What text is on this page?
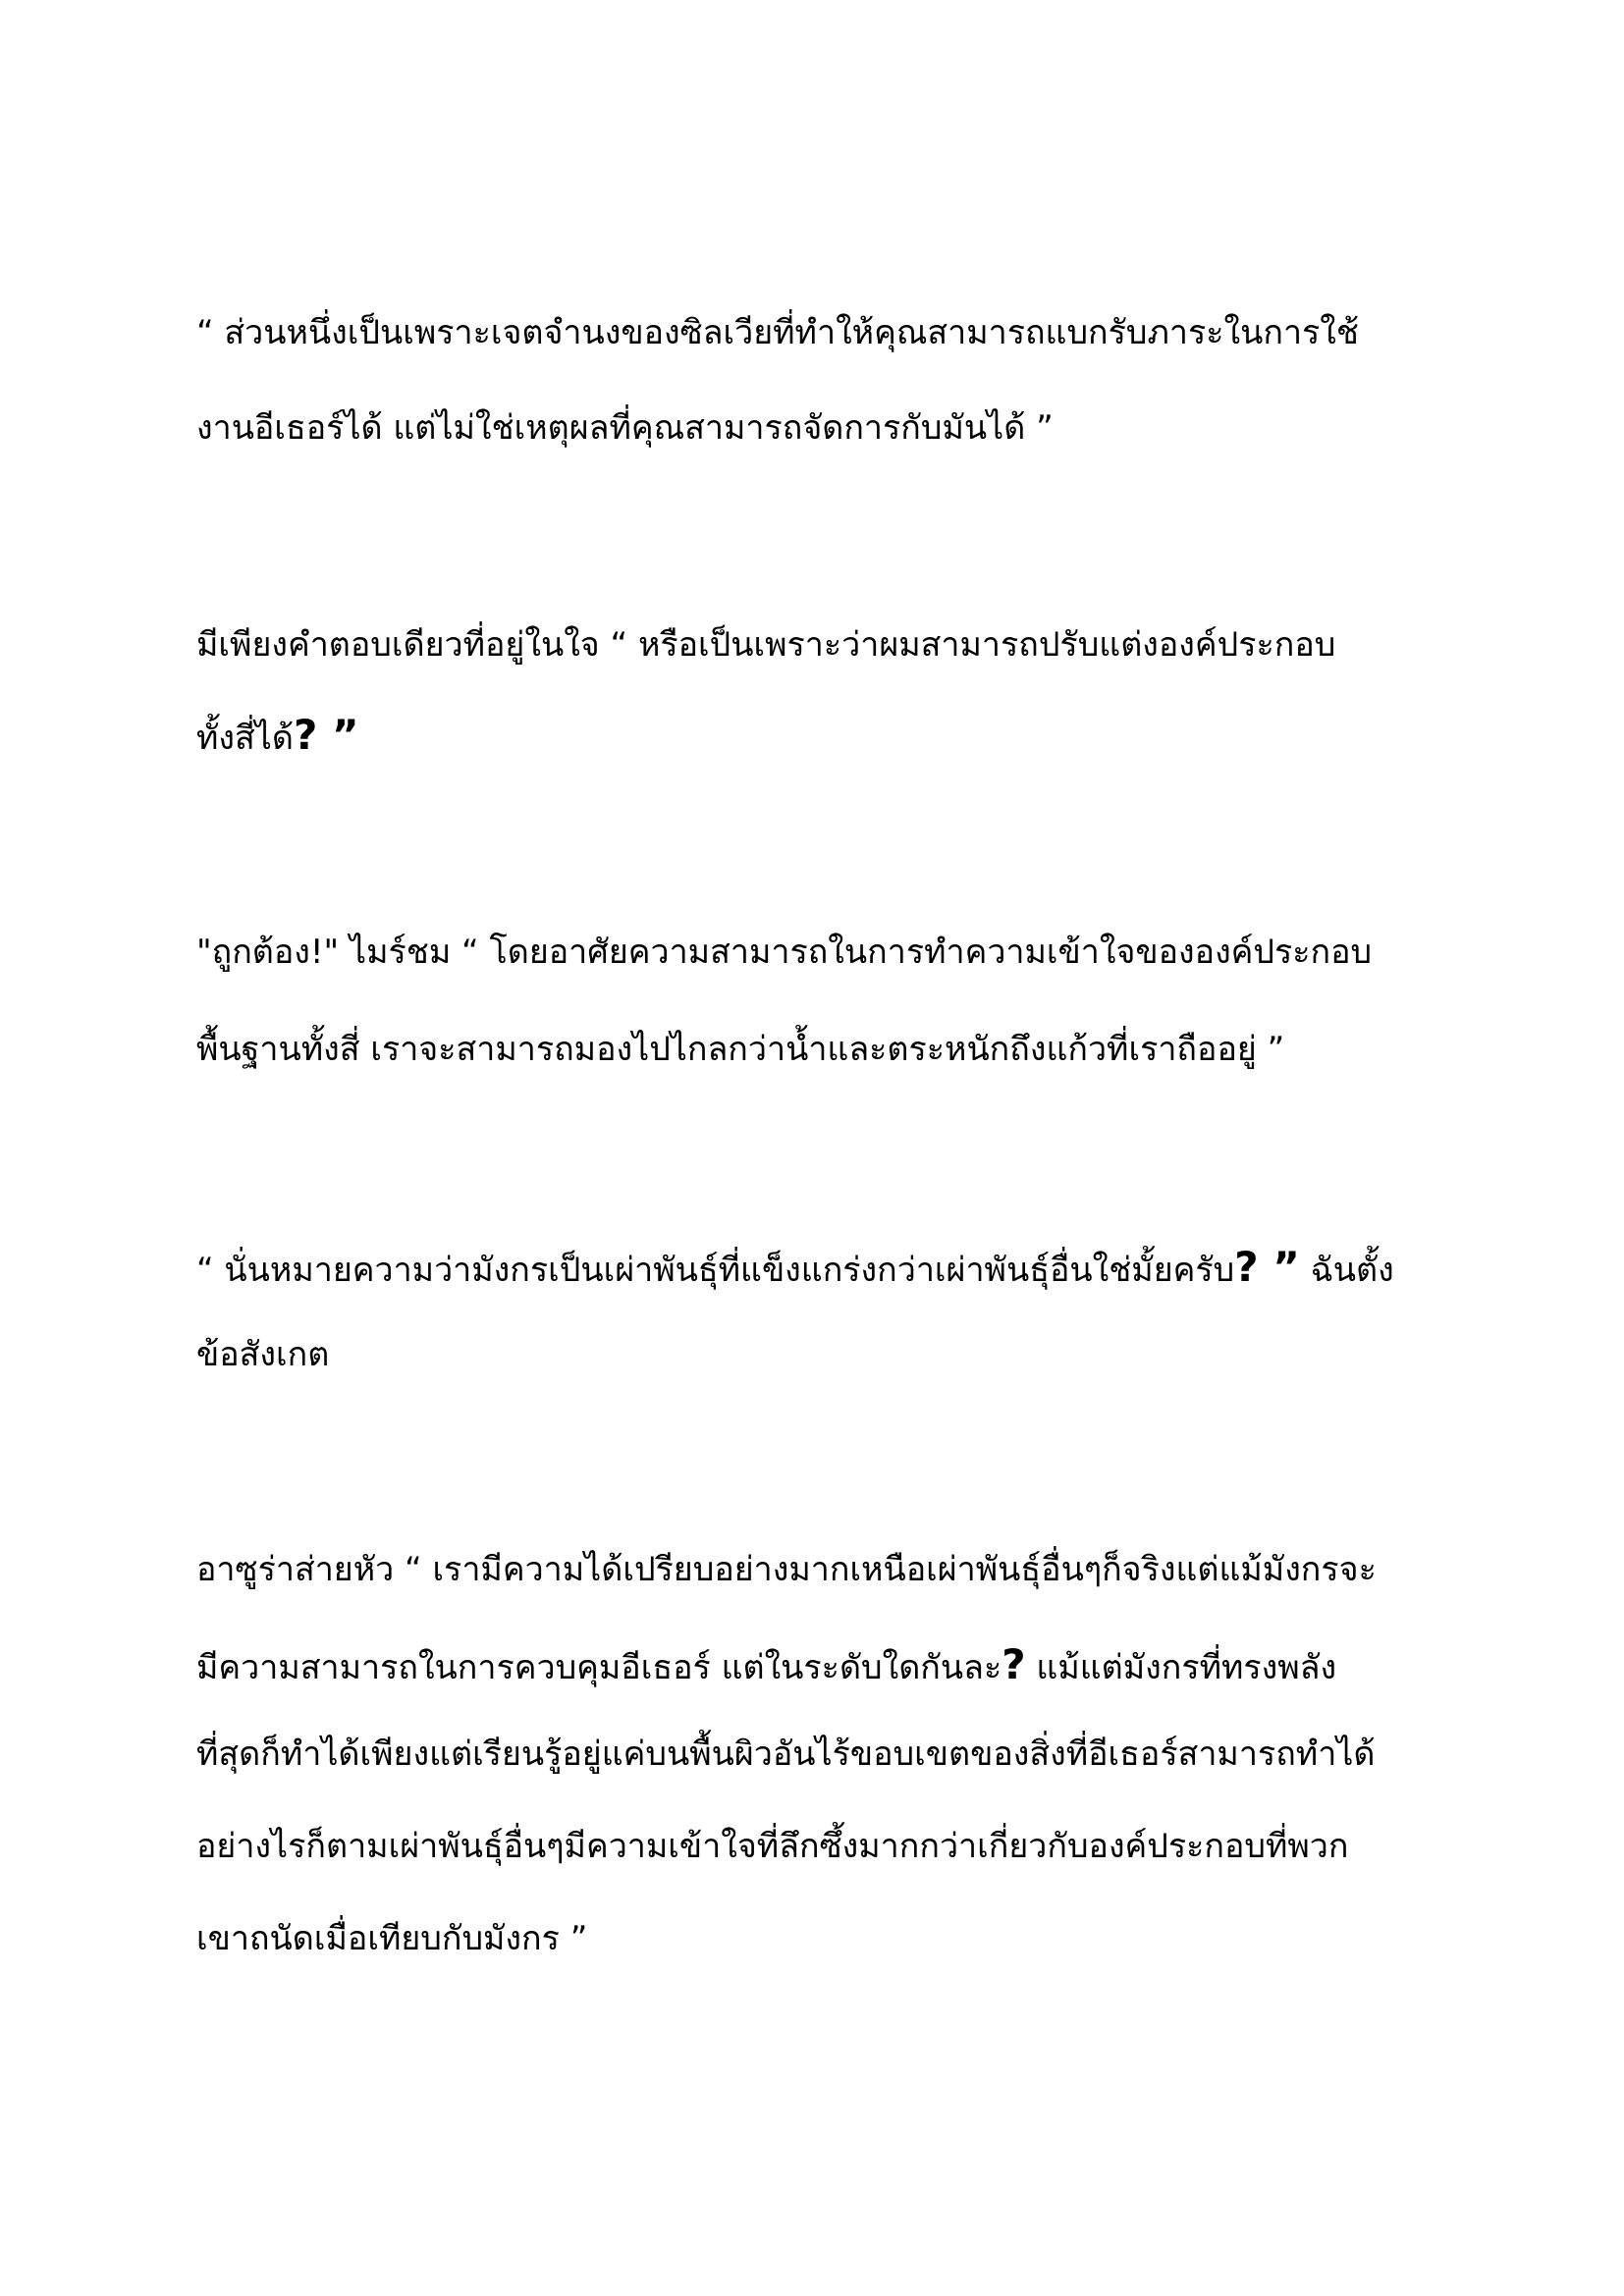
“ ส่วนหนึ่งเป็นเพราะเจตจำนงของซิลเวียที่ทำให้คุณสามารถแบกรับภาระในการใช้

งานอีเธอร์ได้ แต่ไม่ใช่เหตุผลที่คุณสามารถจัดการกับมันได้ ”

มีเพียงคำตอบเดียวที่อยู่ในใจ “ หรือเป็นเพราะว่าผมสามารถปรับแต่งองค์ประกอบ

ทั้งสี่ได้? ”

"ถูกต้อง!" ไมร์ชม “ โดยอาศัยความสามารถในการทำความเข้าใจขององค์ประกอบ

พื้นฐานทั้งสี่ เราจะสามารถมองไปไกลกว่าน้ำและตระหนักถึงแก้วที่เราถืออยู่ ”

“ นั่นหมายความว่ามังกรเป็นเผ่าพันธุ์ที่แข็งแกร่งกว่าเผ่าพันธุ์อื่นใช่มั้ยครับ? ” ฉันตั้ง

ข้อสังเกต

อาซูร่าส่ายหัว “ เรามีความได้เปรียบอย่างมากเหนือเผ่าพันธุ์อื่นๆก็จริงแต่แม้มังกรจะ

มีความสามารถในการควบคุมอีเธอร์ แต่ในระดับใดกันละ? แม้แต่มังกรที่ทรงพลัง

ที่สุดก็ทำได้เพียงแต่เรียนรู้อยู่แค่บนพื้นผิวอันไร้ขอบเขตของสิ่งที่อีเธอร์สามารถทำได้

อย่างไรก็ตามเผ่าพันธุ์อื่นๆมีความเข้าใจที่ลึกซึ้งมากกว่าเกี่ยวกับองค์ประกอบที่พวก

เขาถนัดเมื่อเทียบกับมังกร ”
